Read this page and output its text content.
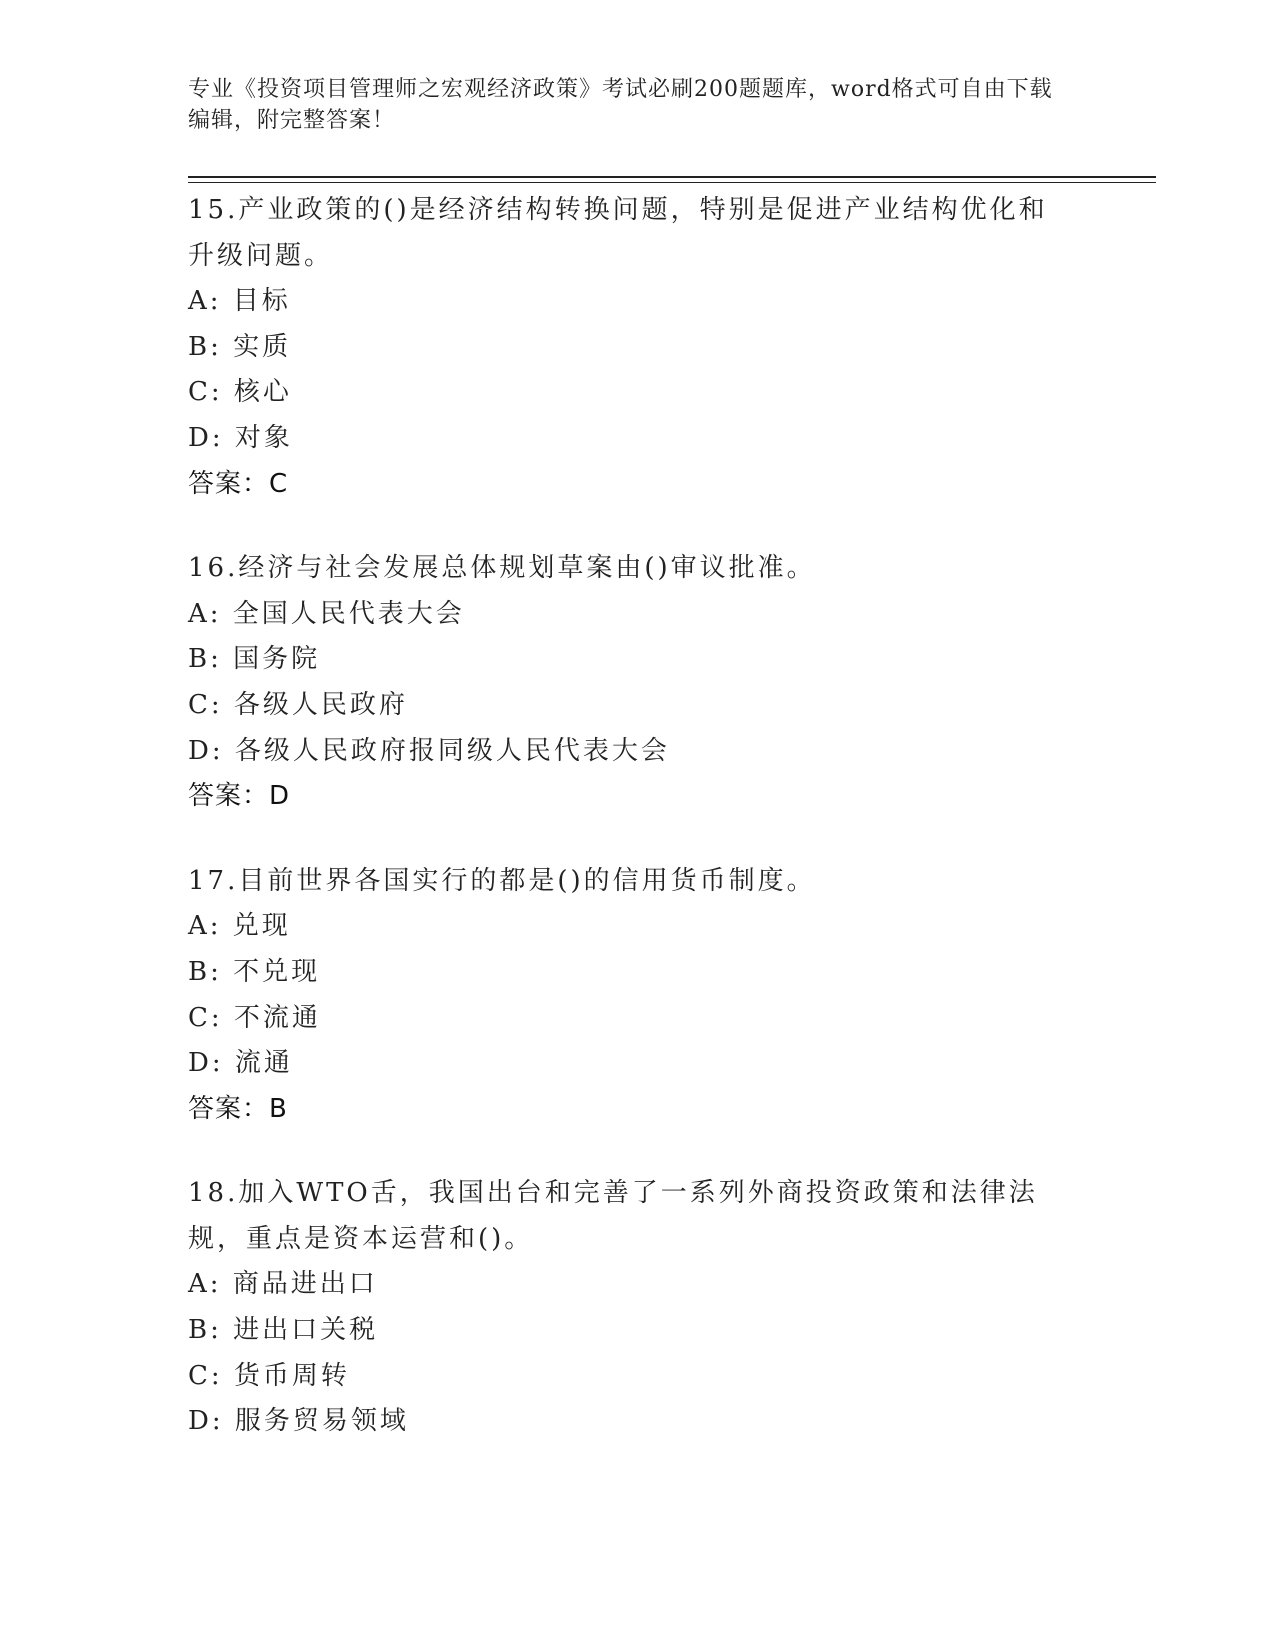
专业《投资项目管理师之宏观经济政策》考试必刷200题题库，word格式可自由下载编辑，附完整答案！
15.产业政策的()是经济结构转换问题，特别是促进产业结构优化和升级问题。
A: 目标
B: 实质
C: 核心
D: 对象
答案：C
16.经济与社会发展总体规划草案由()审议批准。
A: 全国人民代表大会
B: 国务院
C: 各级人民政府
D: 各级人民政府报同级人民代表大会
答案：D
17.目前世界各国实行的都是()的信用货币制度。
A: 兑现
B: 不兑现
C: 不流通
D: 流通
答案：B
18.加入WTO舌，我国出台和完善了一系列外商投资政策和法律法规，重点是资本运营和()。
A: 商品进出口
B: 进出口关税
C: 货币周转
D: 服务贸易领域
